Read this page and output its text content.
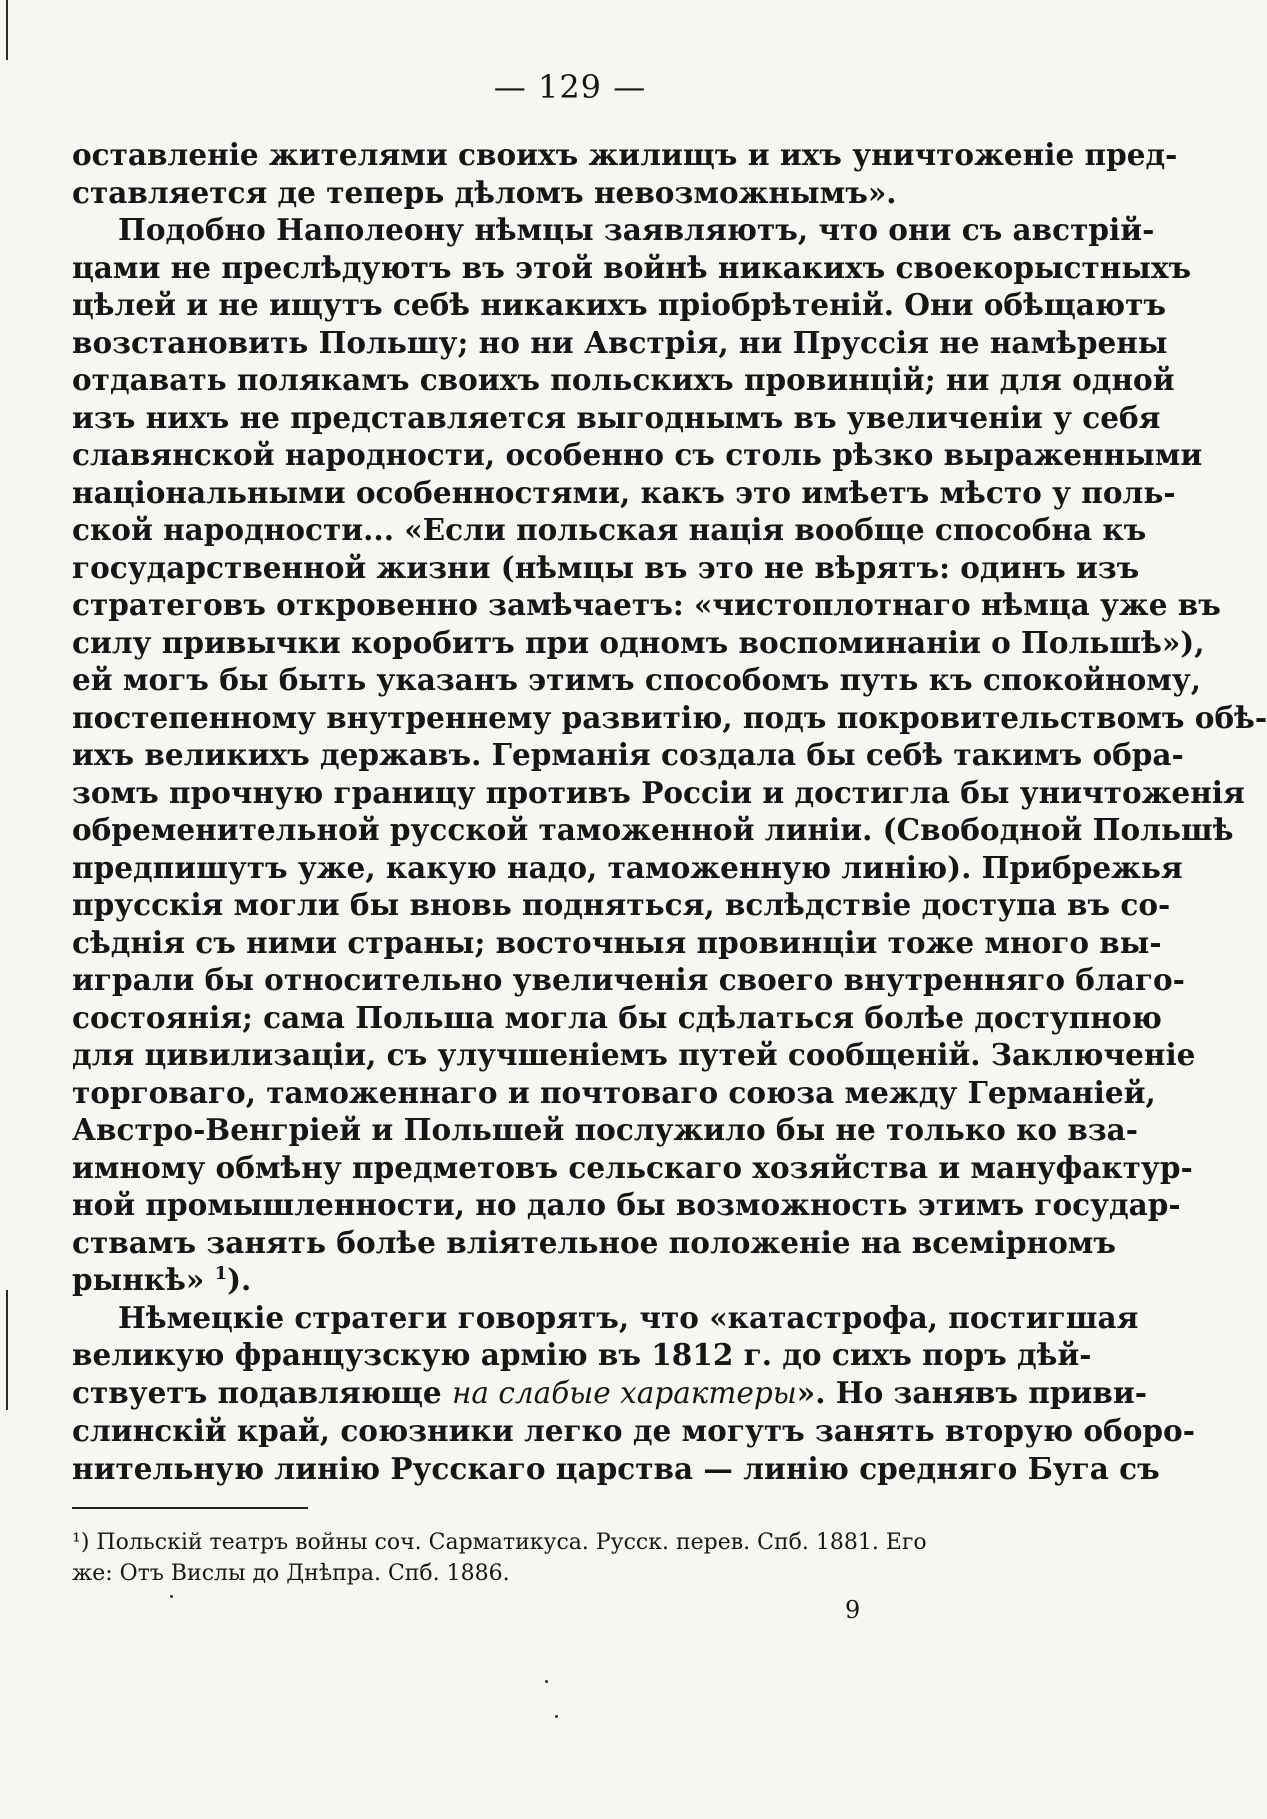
— 129 —

оставленіе жителями своихъ жилищъ и ихъ уничтоженіе пред-
ставляется де теперь дѣломъ невозможнымъ».

Подобно Наполеону нѣмцы заявляютъ, что они съ австрій-
цами не преслѣдуютъ въ этой войнѣ никакихъ своекорыстныхъ
цѣлей и не ищутъ себѣ никакихъ пріобрѣтеній. Они обѣщаютъ
возстановить Польшу; но ни Австрія, ни Пруссія не намѣрены
отдавать полякамъ своихъ польскихъ провинцій; ни для одной
изъ нихъ не представляется выгоднымъ въ увеличеніи у себя
славянской народности, особенно съ столь рѣзко выраженными
національными особенностями, какъ это имѣетъ мѣсто у поль-
ской народности... «Если польская нація вообще способна къ
государственной жизни (нѣмцы въ это не вѣрятъ: одинъ изъ
стратеговъ откровенно замѣчаетъ: «чистоплотнаго нѣмца уже въ
силу привычки коробитъ при одномъ воспоминаніи о Польшѣ»),
ей могъ бы быть указанъ этимъ способомъ путь къ спокойному,
постепенному внутреннему развитію, подъ покровительствомъ обѣ-
ихъ великихъ державъ. Германія создала бы себѣ такимъ обра-
зомъ прочную границу противъ Россіи и достигла бы уничтоженія
обременительной русской таможенной линіи. (Свободной Польшѣ
предпишутъ уже, какую надо, таможенную линію). Прибрежья
прусскія могли бы вновь подняться, вслѣдствіе доступа въ со-
сѣднія съ ними страны; восточныя провинціи тоже много вы-
играли бы относительно увеличенія своего внутренняго благо-
состоянія; сама Польша могла бы сдѣлаться болѣе доступною
для цивилизаціи, съ улучшеніемъ путей сообщеній. Заключеніе
торговаго, таможеннаго и почтоваго союза между Германіей,
Австро-Венгріей и Польшей послужило бы не только ко вза-
имному обмѣну предметовъ сельскаго хозяйства и мануфактур-
ной промышленности, но дало бы возможность этимъ государ-
ствамъ занять болѣе вліятельное положеніе на всемірномъ
рынкѣ» $^1$).

Нѣмецкіе стратеги говорятъ, что «катастрофа, постигшая
великую французскую армію въ 1812 г. до сихъ поръ дѣй-
ствуетъ подавляюще на слабые характеры». Но занявъ приви-
слинскій край, союзники легко де могутъ занять вторую оборо-
нительную линію Русскаго царства — линію средняго Буга съ

¹) Польскій театръ войны соч. Сарматикуса. Русск. перев. Спб. 1881. Его
же: Отъ Вислы до Днѣпра. Спб. 1886.
9
